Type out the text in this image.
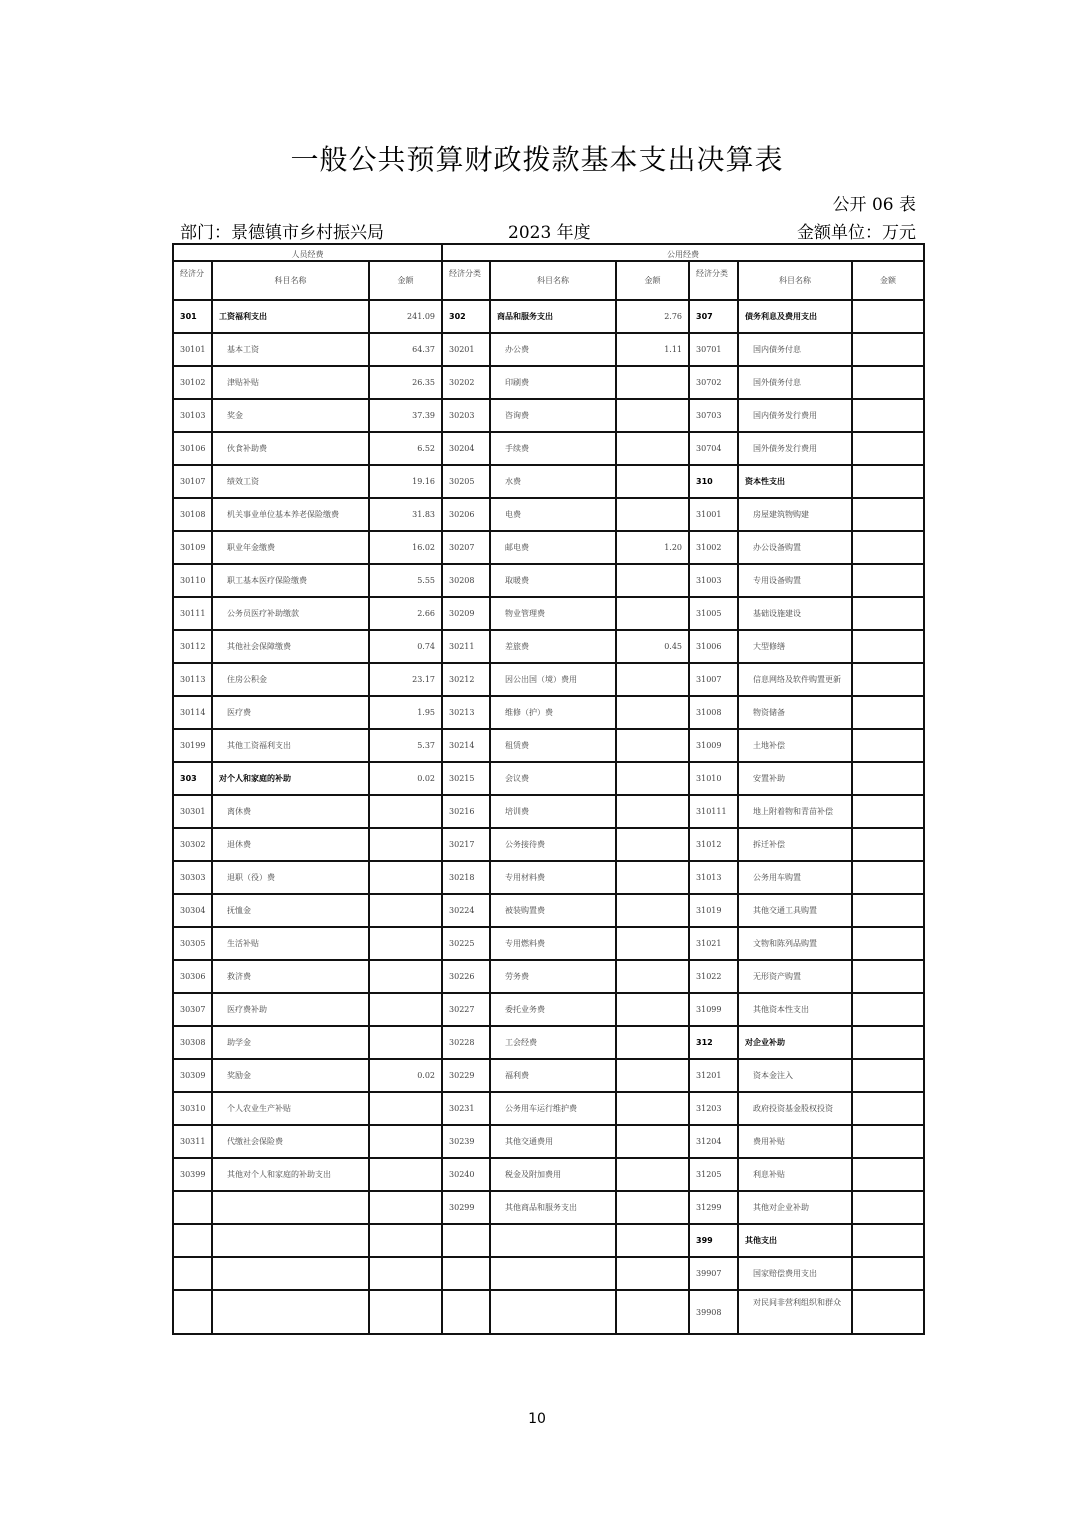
一般公共预算财政拨款基本支出决算表
公开 06 表
部门：景德镇市乡村振兴局	2023 年度	金额单位：万元
人员经费			公用经费					
经济分	科目名称	金额	经济分类	科目名称	金额	经济分类	科目名称	金额
301	工资福利支出	241.09	302	商品和服务支出	2.76	307	债务利息及费用支出	
30101	基本工资	64.37	30201	办公费	1.11	30701	国内债务付息	
30102	津贴补贴	26.35	30202	印刷费		30702	国外债务付息	
30103	奖金	37.39	30203	咨询费		30703	国内债务发行费用	
30106	伙食补助费	6.52	30204	手续费		30704	国外债务发行费用	
30107	绩效工资	19.16	30205	水费		310	资本性支出	
30108	机关事业单位基本养老保险缴费	31.83	30206	电费		31001	房屋建筑物购建	
30109	职业年金缴费	16.02	30207	邮电费	1.20	31002	办公设备购置	
30110	职工基本医疗保险缴费	5.55	30208	取暖费		31003	专用设备购置	
30111	公务员医疗补助缴款	2.66	30209	物业管理费		31005	基础设施建设	
30112	其他社会保障缴费	0.74	30211	差旅费	0.45	31006	大型修缮	
30113	住房公积金	23.17	30212	因公出国（境）费用		31007	信息网络及软件购置更新	
30114	医疗费	1.95	30213	维修（护）费		31008	物资储备	
30199	其他工资福利支出	5.37	30214	租赁费		31009	土地补偿	
303	对个人和家庭的补助	0.02	30215	会议费		31010	安置补助	
30301	离休费		30216	培训费		310111	地上附着物和青苗补偿	
30302	退休费		30217	公务接待费		31012	拆迁补偿	
30303	退职（役）费		30218	专用材料费		31013	公务用车购置	
30304	抚恤金		30224	被装购置费		31019	其他交通工具购置	
30305	生活补贴		30225	专用燃料费		31021	文物和陈列品购置	
30306	救济费		30226	劳务费		31022	无形资产购置	
30307	医疗费补助		30227	委托业务费		31099	其他资本性支出	
30308	助学金		30228	工会经费		312	对企业补助	
30309	奖励金	0.02	30229	福利费		31201	资本金注入	
30310	个人农业生产补贴		30231	公务用车运行维护费		31203	政府投资基金股权投资	
30311	代缴社会保险费		30239	其他交通费用		31204	费用补贴	
30399	其他对个人和家庭的补助支出		30240	税金及附加费用		31205	利息补贴	
			30299	其他商品和服务支出		31299	其他对企业补助	
						399	其他支出	
						39907	国家赔偿费用支出	
						39908	对民间非营利组织和群众	
10
